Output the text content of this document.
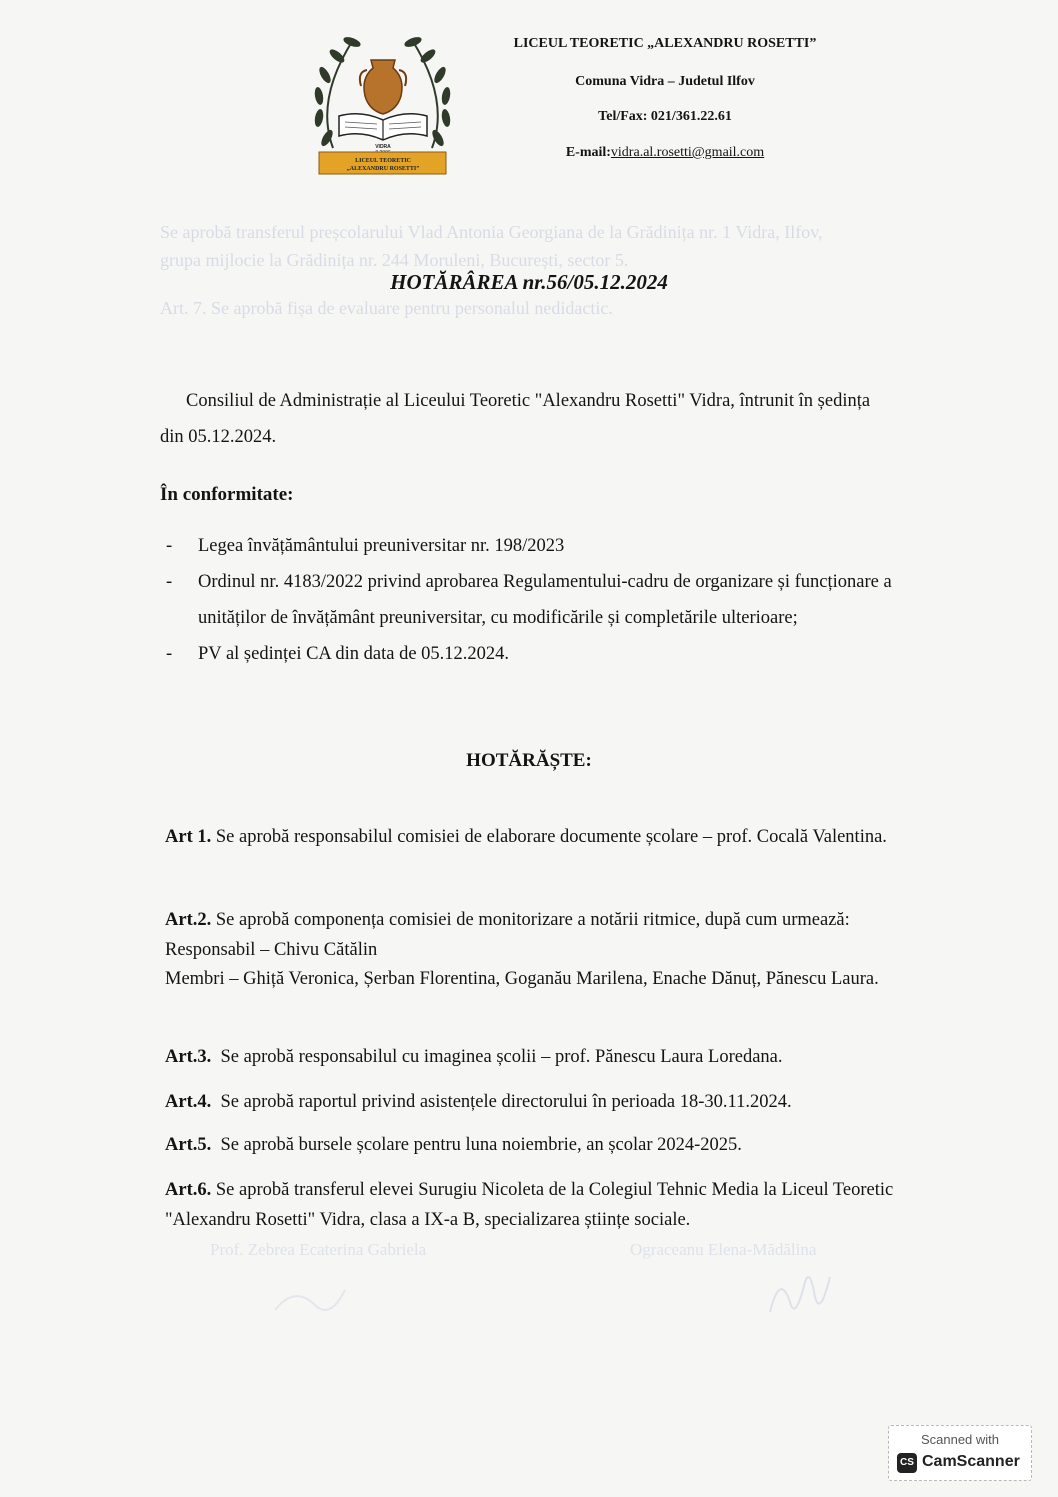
Se aprobă transferul preșcolarului Vlad Antonia Georgiana de la Grădinița nr. 1 Vidra, Ilfov,
grupa mijlocie la Grădinița nr. 244 Moruleni, București, sector 5.
Art. 7. Se aprobă fișa de evaluare pentru personalul nedidactic.
VIDRA
LICEUL TEORETIC
„ALEXANDRU ROSETTI”
LICEUL TEORETIC „ALEXANDRU ROSETTI”
Comuna Vidra – Judetul Ilfov
Tel/Fax: 021/361.22.61
E-mail:vidra.al.rosetti@gmail.com
HOTĂRÂREA nr.56/05.12.2024
Consiliul de Administrație al Liceului Teoretic "Alexandru Rosetti" Vidra, întrunit în ședința din 05.12.2024.
În conformitate:
- Legea învățământului preuniversitar nr. 198/2023
- Ordinul nr. 4183/2022 privind aprobarea Regulamentului-cadru de organizare și funcționare a unităților de învățământ preuniversitar, cu modificările și completările ulterioare;
- PV al ședinței CA din data de 05.12.2024.
HOTĂRĂȘTE:
Art 1. Se aprobă responsabilul comisiei de elaborare documente școlare – prof. Cocală Valentina.
Art.2. Se aprobă componența comisiei de monitorizare a notării ritmice, după cum urmează:
Responsabil – Chivu Cătălin
Membri – Ghiță Veronica, Șerban Florentina, Goganău Marilena, Enache Dănuț, Pănescu Laura.
Art.3. Se aprobă responsabilul cu imaginea școlii – prof. Pănescu Laura Loredana.
Art.4. Se aprobă raportul privind asistențele directorului în perioada 18-30.11.2024.
Art.5. Se aprobă bursele școlare pentru luna noiembrie, an școlar 2024-2025.
Art.6. Se aprobă transferul elevei Surugiu Nicoleta de la Colegiul Tehnic Media la Liceul Teoretic "Alexandru Rosetti" Vidra, clasa a IX-a B, specializarea științe sociale.
Prof. Zebrea Ecaterina Gabriela	Ograceanu Elena-Mădălina
Scanned with
CS CamScanner
